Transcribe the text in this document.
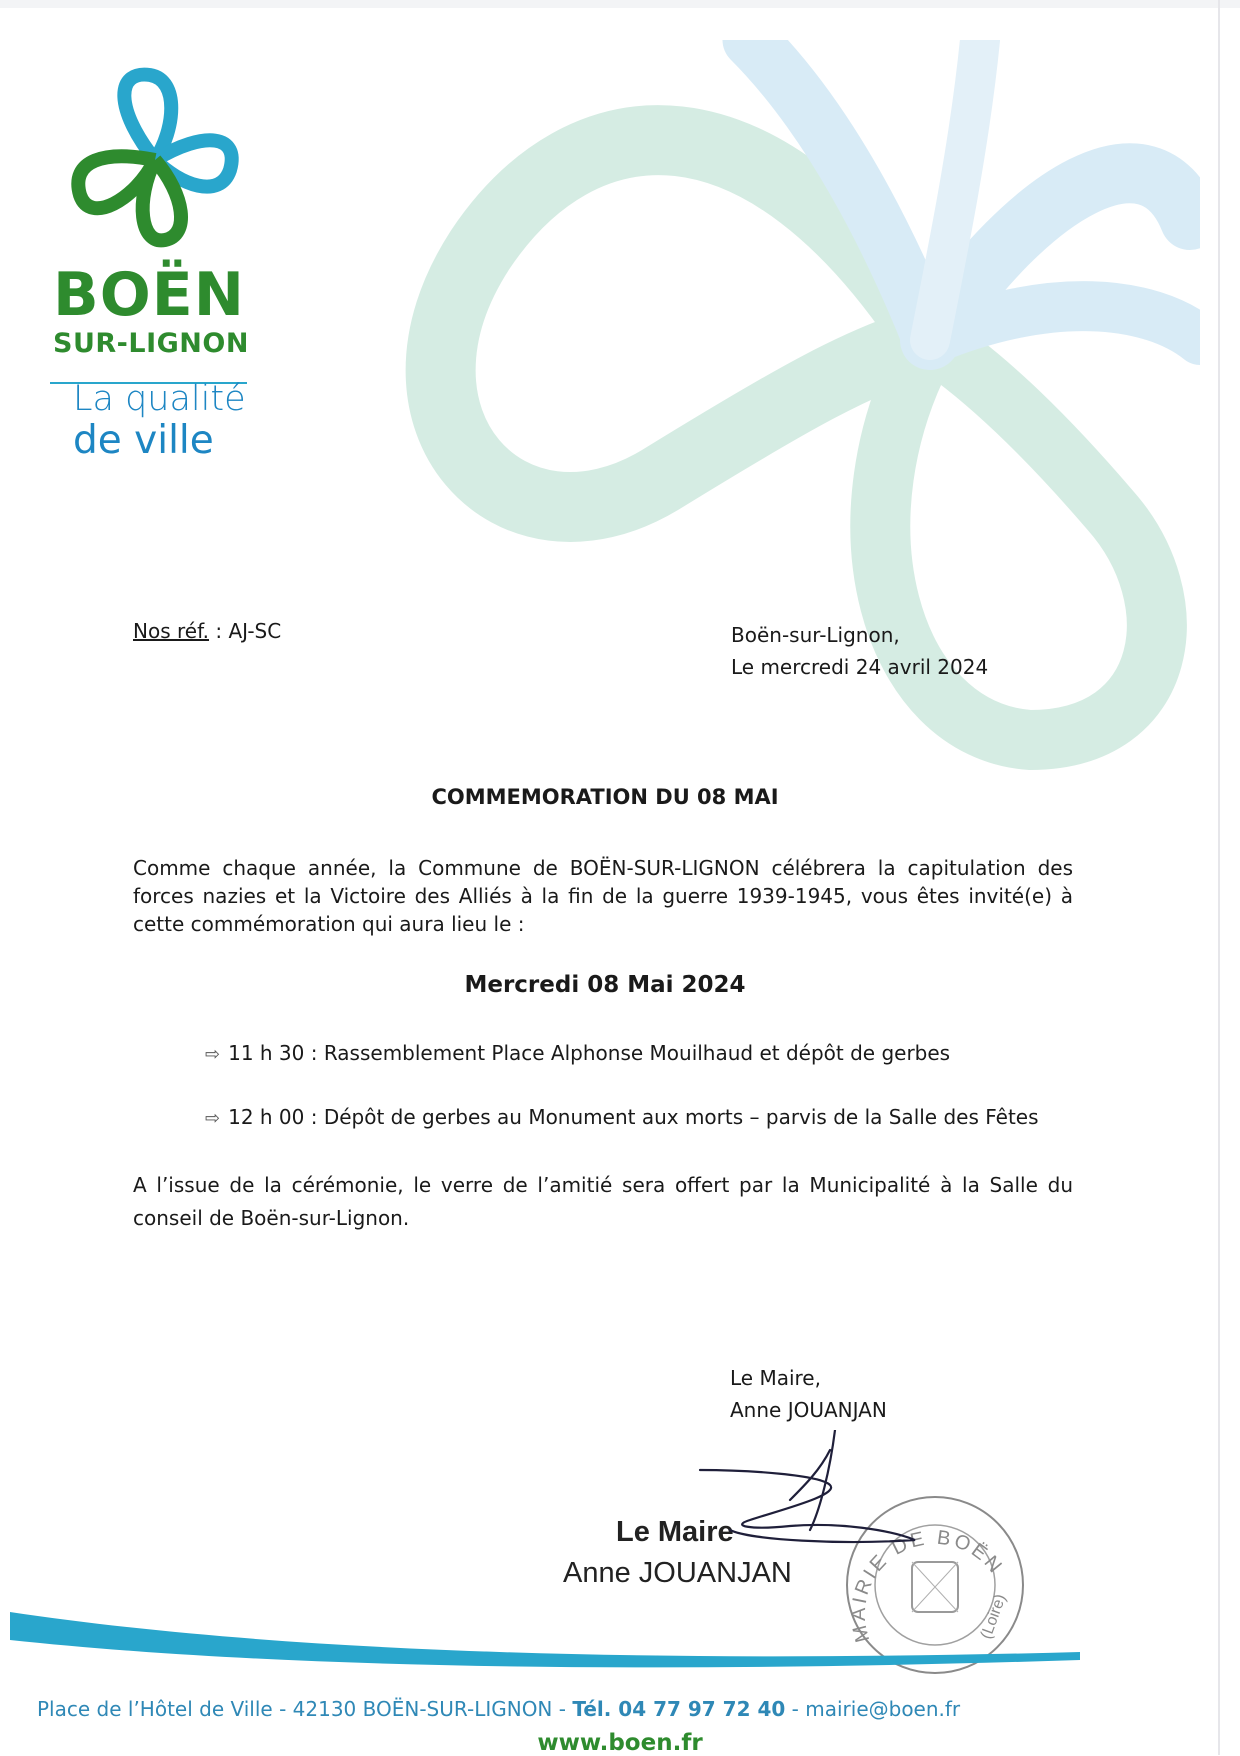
BOËN
SUR-LIGNON
La qualité
de ville
Nos réf. : AJ-SC	Boën-sur-Lignon,
Le mercredi 24 avril 2024
COMMEMORATION DU 08 MAI
Comme chaque année, la Commune de BOËN-SUR-LIGNON célébrera la capitulation des forces nazies et la Victoire des Alliés à la fin de la guerre 1939-1945, vous êtes invité(e) à cette commémoration qui aura lieu le :
Mercredi 08 Mai 2024
⇨ 11 h 30 : Rassemblement Place Alphonse Mouilhaud et dépôt de gerbes
⇨ 12 h 00 : Dépôt de gerbes au Monument aux morts – parvis de la Salle des Fêtes
A l’issue de la cérémonie, le verre de l’amitié sera offert par la Municipalité à la Salle du conseil de Boën-sur-Lignon.
Le Maire,
Anne JOUANJAN
MAIRIE DE BOËN
(Loire)
Le Maire
Anne JOUANJAN
Place de l’Hôtel de Ville - 42130 BOËN-SUR-LIGNON - Tél. 04 77 97 72 40 - mairie@boen.fr
www.boen.fr
